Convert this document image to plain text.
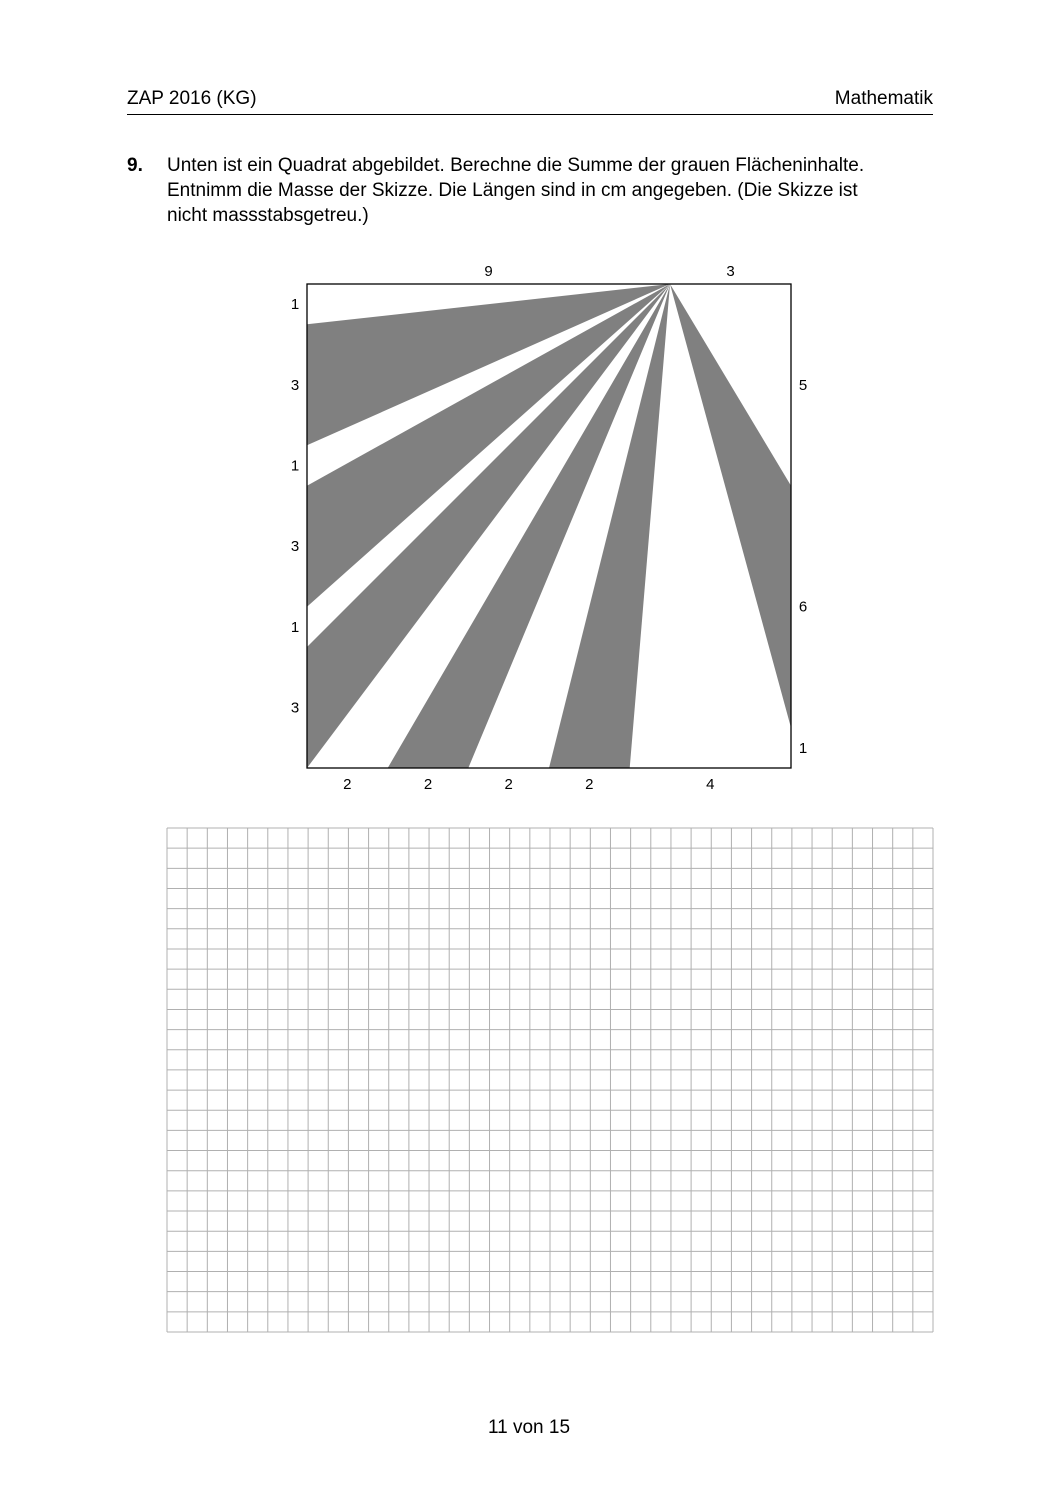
ZAP 2016 (KG)	Mathematik
9. Unten ist ein Quadrat abgebildet. Berechne die Summe der grauen Flächeninhalte.
Entnimm die Masse der Skizze. Die Längen sind in cm angegeben. (Die Skizze ist
nicht massstabsgetreu.)
9	3
1
3
1
3
1
3
5
6
1
2	2	2	2	4
11 von 15
